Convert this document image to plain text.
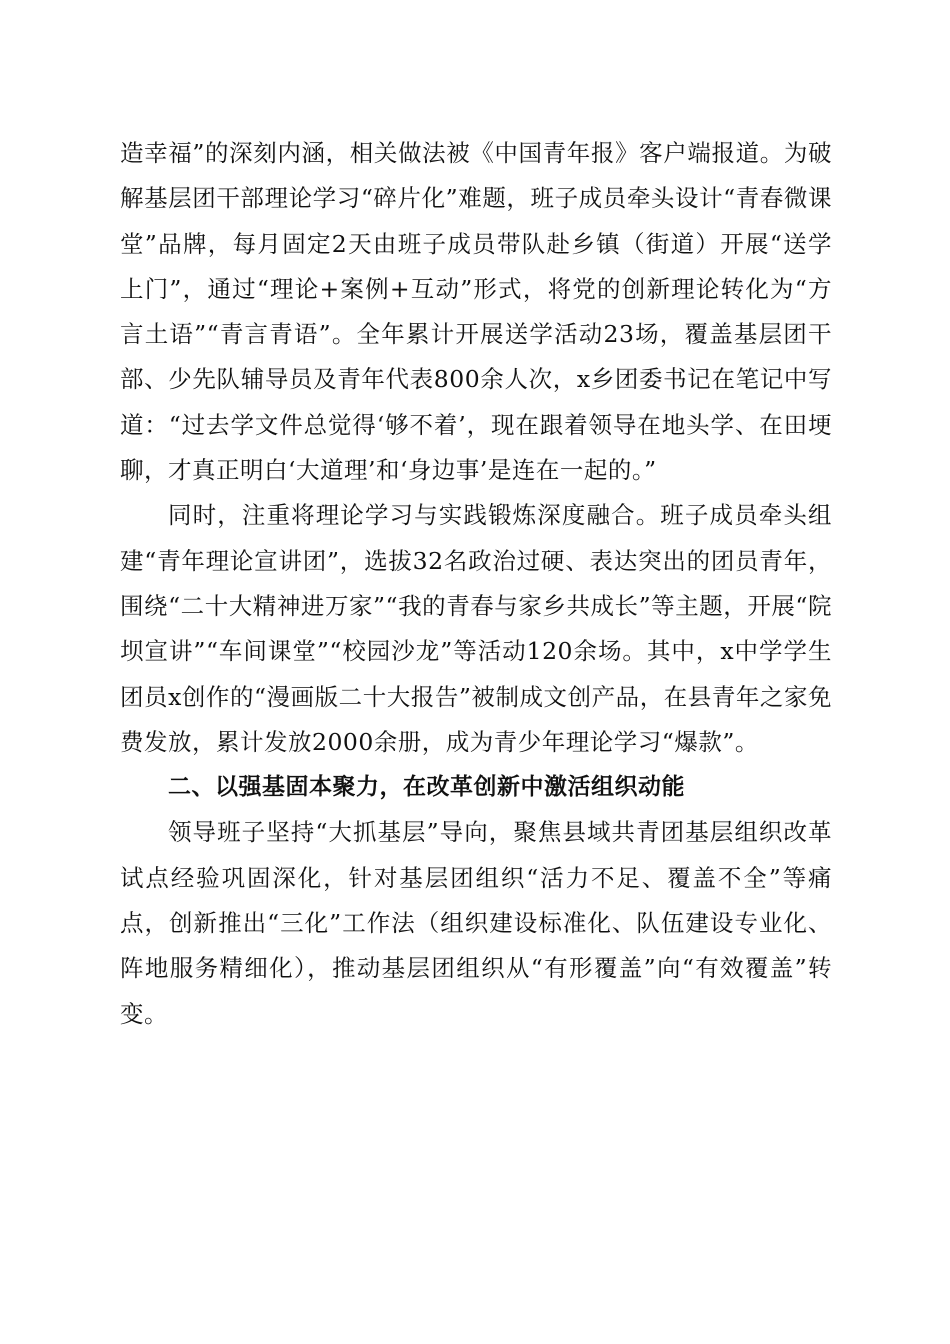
造幸福”的深刻内涵，相关做法被《中国青年报》客户端报道。为破解基层团干部理论学习“碎片化”难题，班子成员牵头设计“青春微课堂”品牌，每月固定2天由班子成员带队赴乡镇（街道）开展“送学上门”，通过“理论+案例+互动”形式，将党的创新理论转化为“方言土语”“青言青语”。全年累计开展送学活动23场，覆盖基层团干部、少先队辅导员及青年代表800余人次，x乡团委书记在笔记中写道：“过去学文件总觉得‘够不着’，现在跟着领导在地头学、在田埂聊，才真正明白‘大道理’和‘身边事’是连在一起的。”

同时，注重将理论学习与实践锻炼深度融合。班子成员牵头组建“青年理论宣讲团”，选拔32名政治过硬、表达突出的团员青年，围绕“二十大精神进万家”“我的青春与家乡共成长”等主题，开展“院坝宣讲”“车间课堂”“校园沙龙”等活动120余场。其中，x中学学生团员x创作的“漫画版二十大报告”被制成文创产品，在县青年之家免费发放，累计发放2000余册，成为青少年理论学习“爆款”。

二、以强基固本聚力，在改革创新中激活组织动能

领导班子坚持“大抓基层”导向，聚焦县域共青团基层组织改革试点经验巩固深化，针对基层团组织“活力不足、覆盖不全”等痛点，创新推出“三化”工作法（组织建设标准化、队伍建设专业化、阵地服务精细化），推动基层团组织从“有形覆盖”向“有效覆盖”转变。
